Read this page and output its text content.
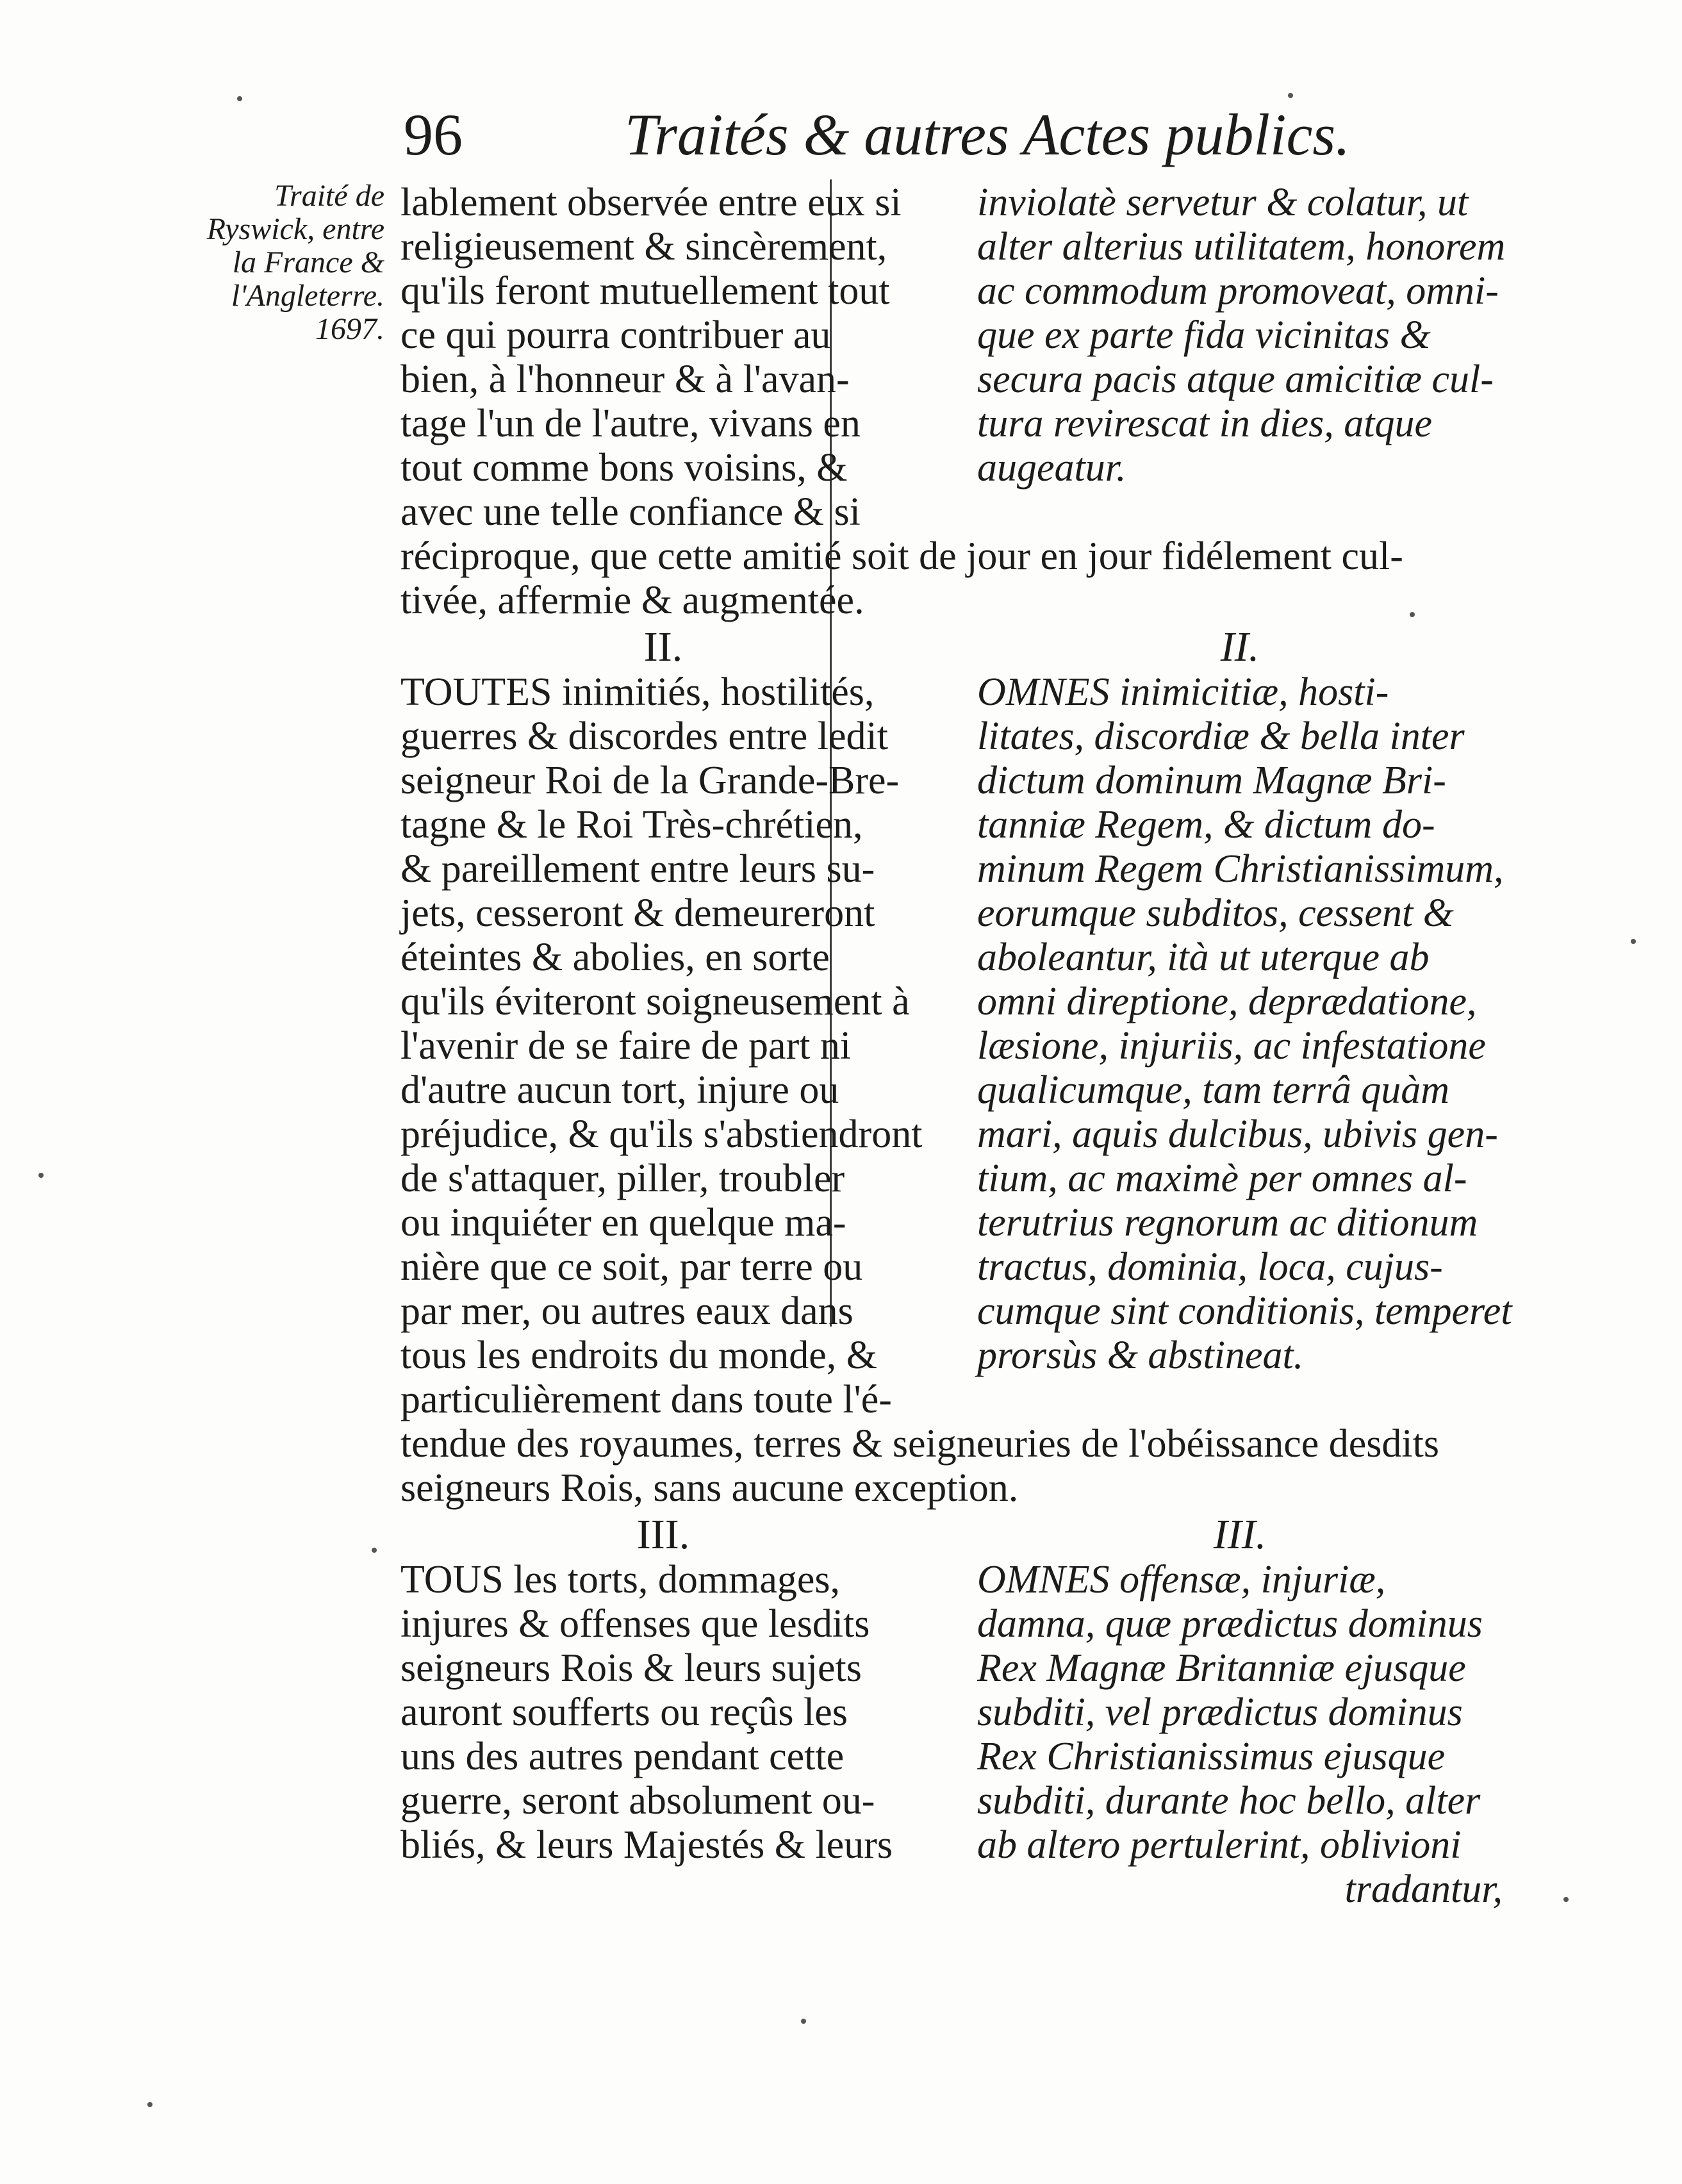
96	Traités & autres Actes publics.
Traité de
Ryswick, entre
la France &
l'Angleterre.
1697.
lablement observée entre eux si
religieusement & sincèrement,
qu'ils feront mutuellement tout
ce qui pourra contribuer au
bien, à l'honneur & à l'avan-
tage l'un de l'autre, vivans en
tout comme bons voisins, &
avec une telle confiance & si
inviolatè servetur & colatur, ut
alter alterius utilitatem, honorem
ac commodum promoveat, omni-
que ex parte fida vicinitas &
secura pacis atque amicitiæ cul-
tura revirescat in dies, atque
augeatur.
réciproque, que cette amitié soit de jour en jour fidélement cul-
tivée, affermie & augmentée.
II.	II.
TOUTES inimitiés, hostilités,
guerres & discordes entre ledit
seigneur Roi de la Grande-Bre-
tagne & le Roi Très-chrétien,
& pareillement entre leurs su-
jets, cesseront & demeureront
éteintes & abolies, en sorte
qu'ils éviteront soigneusement à
l'avenir de se faire de part ni
d'autre aucun tort, injure ou
préjudice, & qu'ils s'abstiendront
de s'attaquer, piller, troubler
ou inquiéter en quelque ma-
nière que ce soit, par terre ou
par mer, ou autres eaux dans
tous les endroits du monde, &
particulièrement dans toute l'é-
OMNES inimicitiæ, hosti-
litates, discordiæ & bella inter
dictum dominum Magnæ Bri-
tanniæ Regem, & dictum do-
minum Regem Christianissimum,
eorumque subditos, cessent &
aboleantur, ità ut uterque ab
omni direptione, deprædatione,
læsione, injuriis, ac infestatione
qualicumque, tam terrâ quàm
mari, aquis dulcibus, ubivis gen-
tium, ac maximè per omnes al-
terutrius regnorum ac ditionum
tractus, dominia, loca, cujus-
cumque sint conditionis, temperet
prorsùs & abstineat.
tendue des royaumes, terres & seigneuries de l'obéissance desdits
seigneurs Rois, sans aucune exception.
III.	III.
TOUS les torts, dommages,
injures & offenses que lesdits
seigneurs Rois & leurs sujets
auront soufferts ou reçûs les
uns des autres pendant cette
guerre, seront absolument ou-
bliés, & leurs Majestés & leurs
OMNES offensæ, injuriæ,
damna, quæ prædictus dominus
Rex Magnæ Britanniæ ejusque
subditi, vel prædictus dominus
Rex Christianissimus ejusque
subditi, durante hoc bello, alter
ab altero pertulerint, oblivioni
tradantur,
